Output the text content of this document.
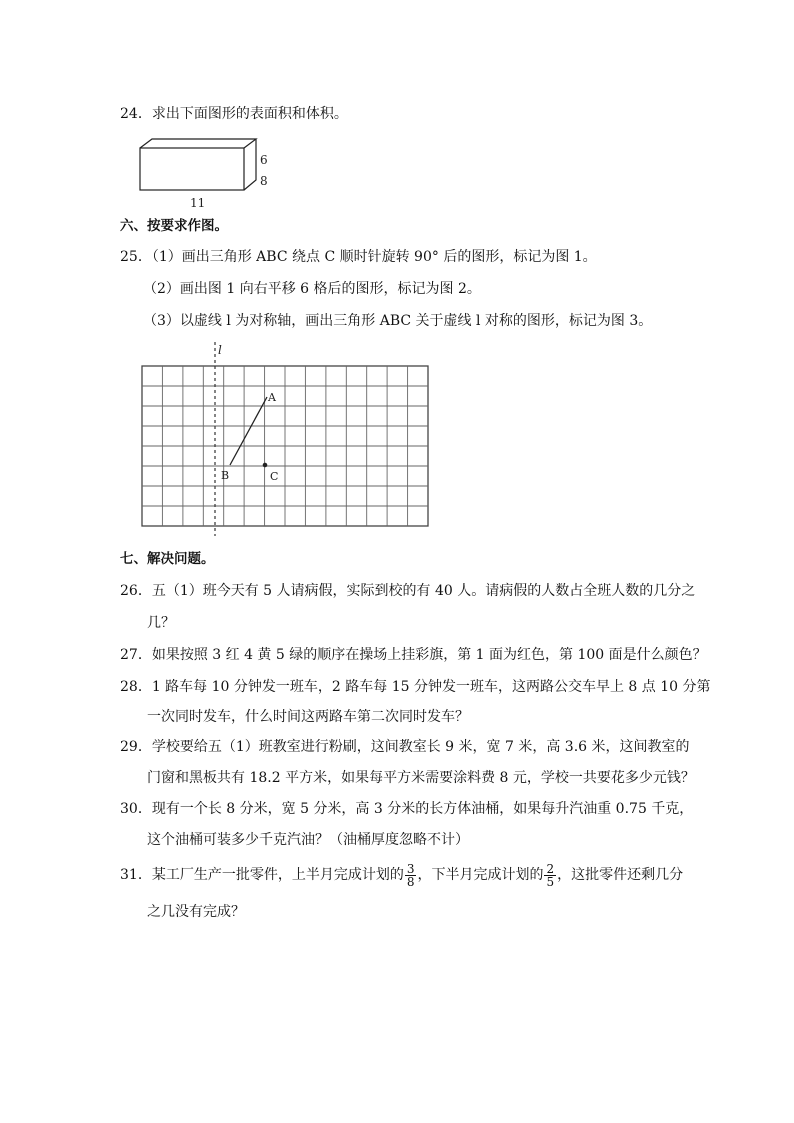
24．求出下面图形的表面积和体积。
6
8
11
六、按要求作图。
25．（1）画出三角形 ABC 绕点 C 顺时针旋转 90° 后的图形，标记为图 1。
（2）画出图 1 向右平移 6 格后的图形，标记为图 2。
（3）以虚线 l 为对称轴，画出三角形 ABC 关于虚线 l 对称的图形，标记为图 3。
l
A
B	C
七、解决问题。
26．五（1）班今天有 5 人请病假，实际到校的有 40 人。请病假的人数占全班人数的几分之
几？
27．如果按照 3 红 4 黄 5 绿的顺序在操场上挂彩旗，第 1 面为红色，第 100 面是什么颜色？
28．1 路车每 10 分钟发一班车，2 路车每 15 分钟发一班车，这两路公交车早上 8 点 10 分第
一次同时发车，什么时间这两路车第二次同时发车？
29．学校要给五（1）班教室进行粉刷，这间教室长 9 米，宽 7 米，高 3.6 米，这间教室的
门窗和黑板共有 18.2 平方米，如果每平方米需要涂料费 8 元，学校一共要花多少元钱？
30．现有一个长 8 分米，宽 5 分米，高 3 分米的长方体油桶，如果每升汽油重 0.75 千克，
这个油桶可装多少千克汽油？（油桶厚度忽略不计）
31．某工厂生产一批零件，上半月完成计划的 $\frac{3}{8}$ ，下半月完成计划的 $\frac{2}{5}$ ，这批零件还剩几分
之几没有完成？
